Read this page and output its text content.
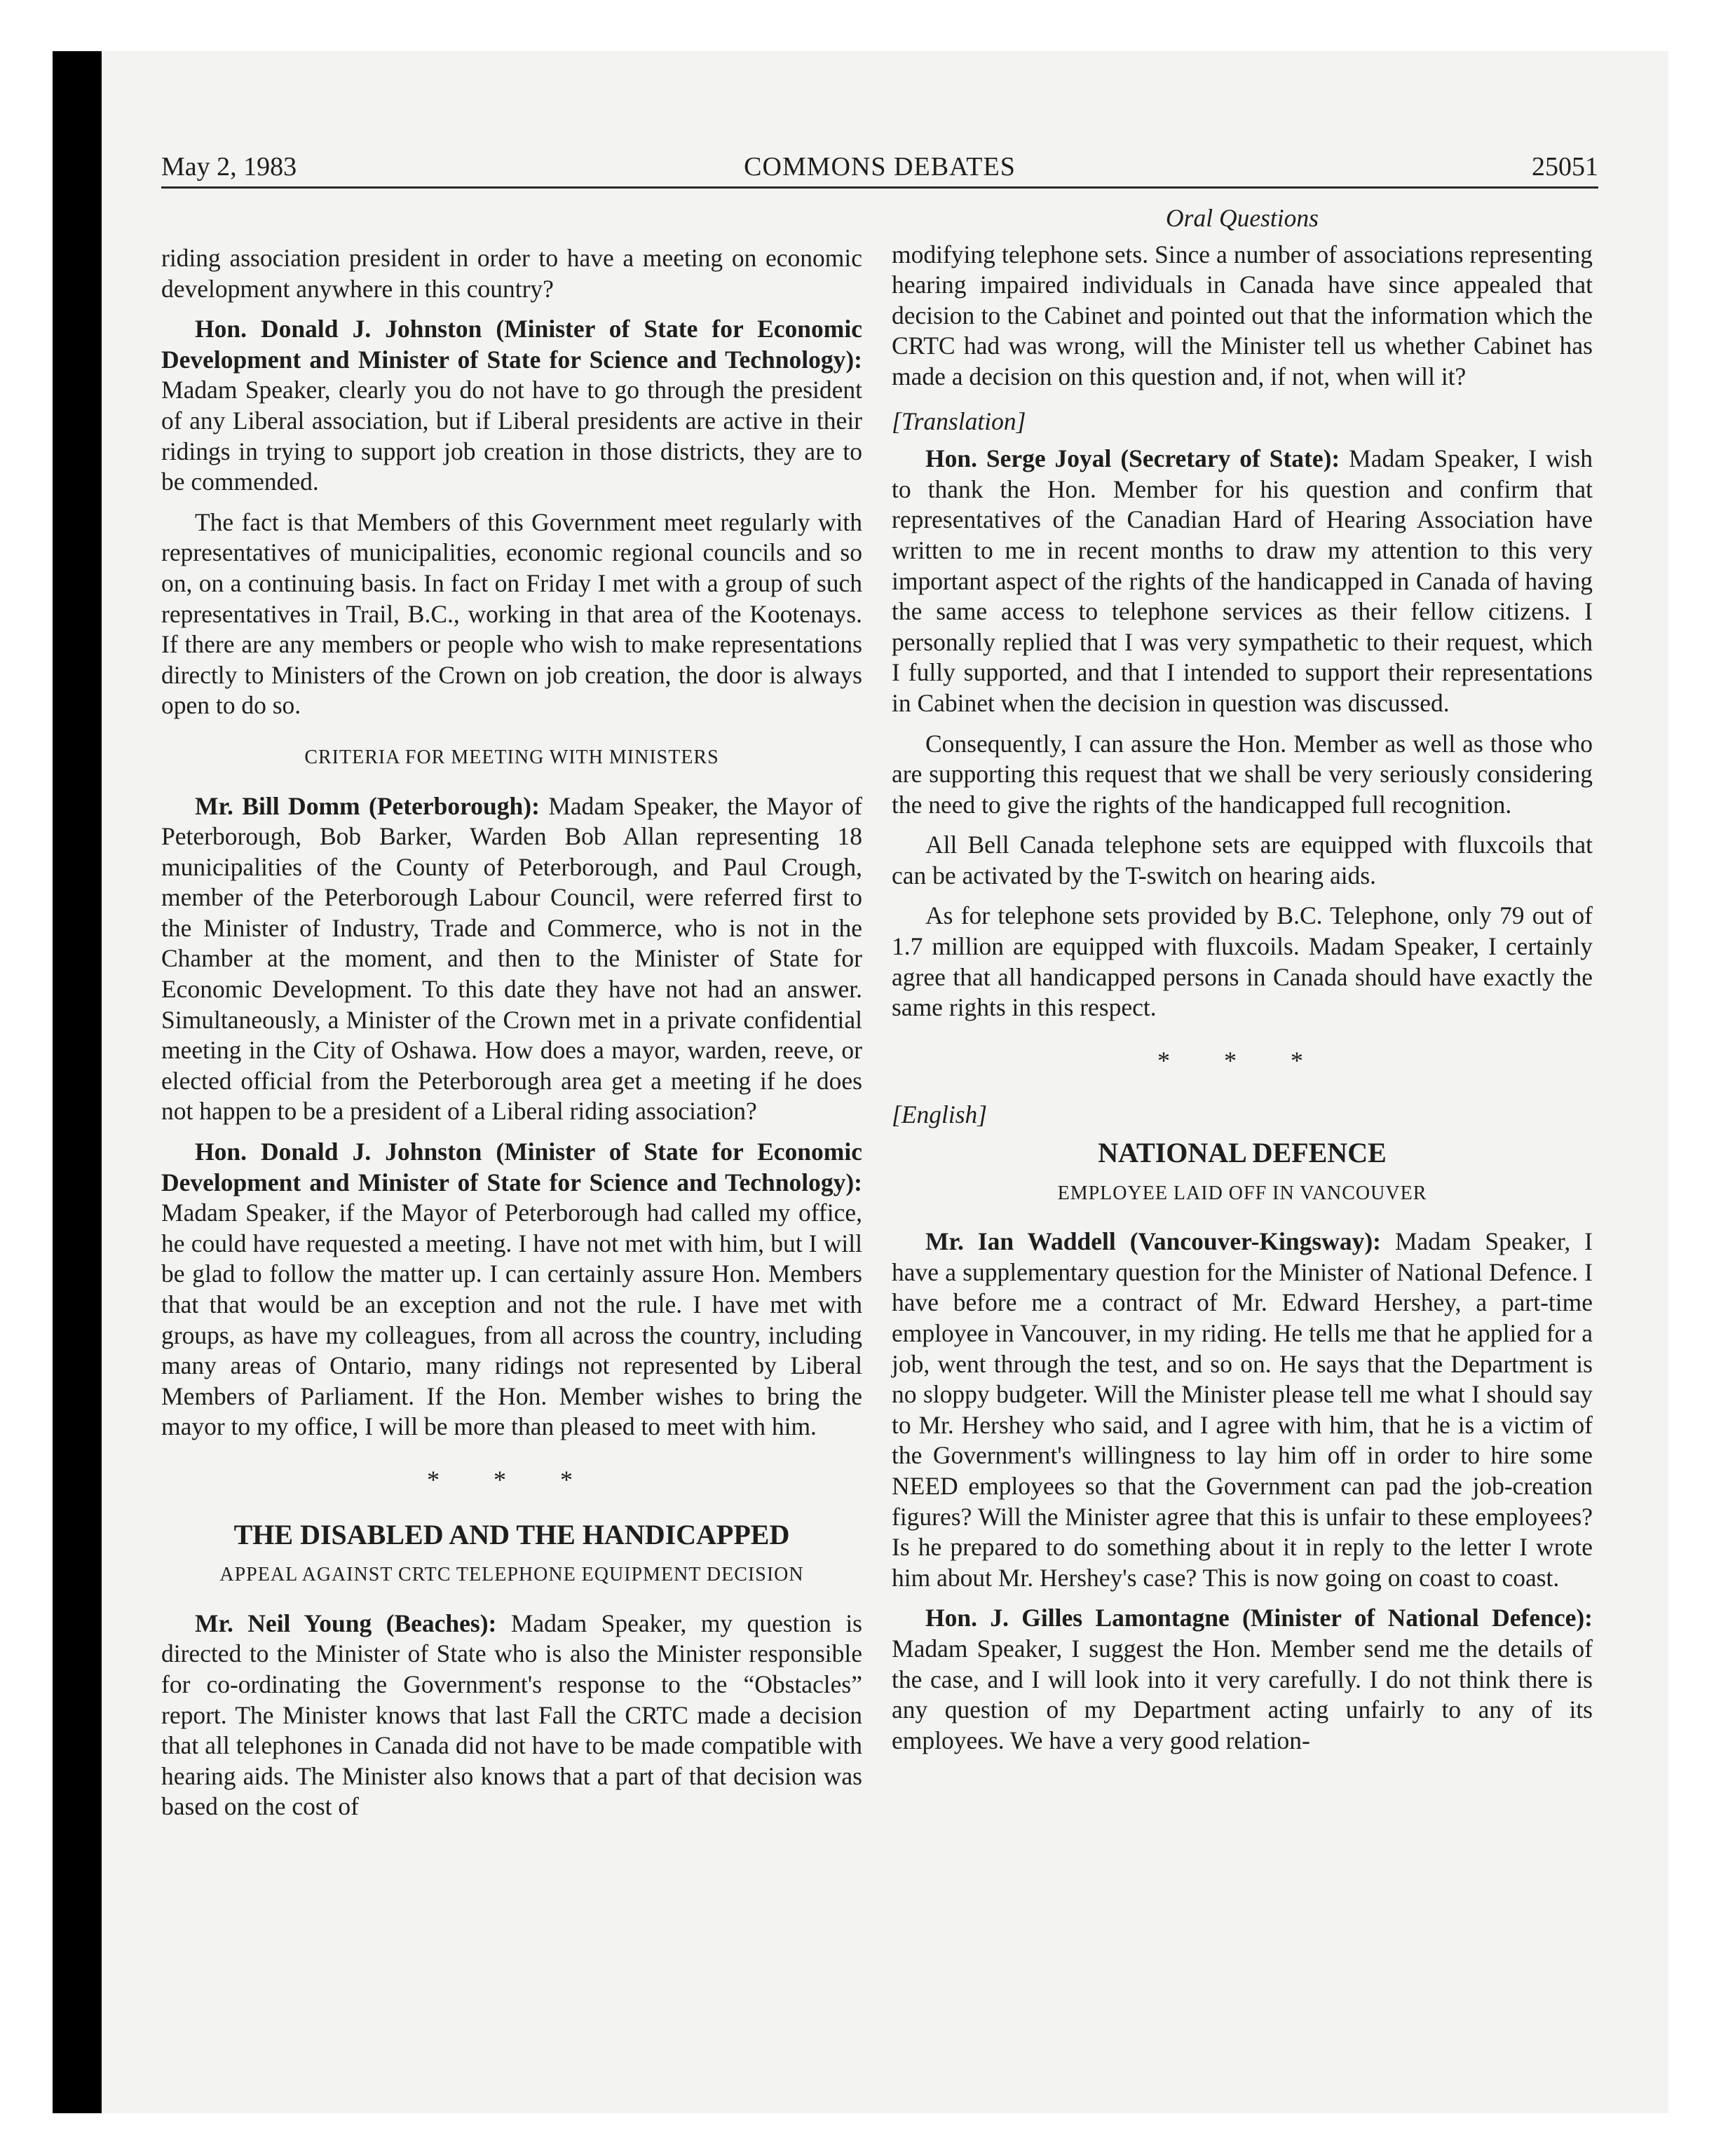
May 2, 1983	COMMONS DEBATES	25051

riding association president in order to have a meeting on economic development anywhere in this country?

Hon. Donald J. Johnston (Minister of State for Economic Development and Minister of State for Science and Technology): Madam Speaker, clearly you do not have to go through the president of any Liberal association, but if Liberal presidents are active in their ridings in trying to support job creation in those districts, they are to be commended.

The fact is that Members of this Government meet regularly with representatives of municipalities, economic regional councils and so on, on a continuing basis. In fact on Friday I met with a group of such representatives in Trail, B.C., working in that area of the Kootenays. If there are any members or people who wish to make representations directly to Ministers of the Crown on job creation, the door is always open to do so.

CRITERIA FOR MEETING WITH MINISTERS

Mr. Bill Domm (Peterborough): Madam Speaker, the Mayor of Peterborough, Bob Barker, Warden Bob Allan representing 18 municipalities of the County of Peterborough, and Paul Crough, member of the Peterborough Labour Council, were referred first to the Minister of Industry, Trade and Commerce, who is not in the Chamber at the moment, and then to the Minister of State for Economic Development. To this date they have not had an answer. Simultaneously, a Minister of the Crown met in a private confidential meeting in the City of Oshawa. How does a mayor, warden, reeve, or elected official from the Peterborough area get a meeting if he does not happen to be a president of a Liberal riding association?

Hon. Donald J. Johnston (Minister of State for Economic Development and Minister of State for Science and Technology): Madam Speaker, if the Mayor of Peterborough had called my office, he could have requested a meeting. I have not met with him, but I will be glad to follow the matter up. I can certainly assure Hon. Members that that would be an exception and not the rule. I have met with groups, as have my colleagues, from all across the country, including many areas of Ontario, many ridings not represented by Liberal Members of Parliament. If the Hon. Member wishes to bring the mayor to my office, I will be more than pleased to meet with him.

* * *

THE DISABLED AND THE HANDICAPPED

APPEAL AGAINST CRTC TELEPHONE EQUIPMENT DECISION

Mr. Neil Young (Beaches): Madam Speaker, my question is directed to the Minister of State who is also the Minister responsible for co-ordinating the Government's response to the “Obstacles” report. The Minister knows that last Fall the CRTC made a decision that all telephones in Canada did not have to be made compatible with hearing aids. The Minister also knows that a part of that decision was based on the cost of

Oral Questions

modifying telephone sets. Since a number of associations representing hearing impaired individuals in Canada have since appealed that decision to the Cabinet and pointed out that the information which the CRTC had was wrong, will the Minister tell us whether Cabinet has made a decision on this question and, if not, when will it?

[Translation]

Hon. Serge Joyal (Secretary of State): Madam Speaker, I wish to thank the Hon. Member for his question and confirm that representatives of the Canadian Hard of Hearing Association have written to me in recent months to draw my attention to this very important aspect of the rights of the handicapped in Canada of having the same access to telephone services as their fellow citizens. I personally replied that I was very sympathetic to their request, which I fully supported, and that I intended to support their representations in Cabinet when the decision in question was discussed.

Consequently, I can assure the Hon. Member as well as those who are supporting this request that we shall be very seriously considering the need to give the rights of the handicapped full recognition.

All Bell Canada telephone sets are equipped with fluxcoils that can be activated by the T-switch on hearing aids.

As for telephone sets provided by B.C. Telephone, only 79 out of 1.7 million are equipped with fluxcoils. Madam Speaker, I certainly agree that all handicapped persons in Canada should have exactly the same rights in this respect.

* * *

[English]

NATIONAL DEFENCE

EMPLOYEE LAID OFF IN VANCOUVER

Mr. Ian Waddell (Vancouver-Kingsway): Madam Speaker, I have a supplementary question for the Minister of National Defence. I have before me a contract of Mr. Edward Hershey, a part-time employee in Vancouver, in my riding. He tells me that he applied for a job, went through the test, and so on. He says that the Department is no sloppy budgeter. Will the Minister please tell me what I should say to Mr. Hershey who said, and I agree with him, that he is a victim of the Government's willingness to lay him off in order to hire some NEED employees so that the Government can pad the job-creation figures? Will the Minister agree that this is unfair to these employees? Is he prepared to do something about it in reply to the letter I wrote him about Mr. Hershey's case? This is now going on coast to coast.

Hon. J. Gilles Lamontagne (Minister of National Defence): Madam Speaker, I suggest the Hon. Member send me the details of the case, and I will look into it very carefully. I do not think there is any question of my Department acting unfairly to any of its employees. We have a very good relation-
